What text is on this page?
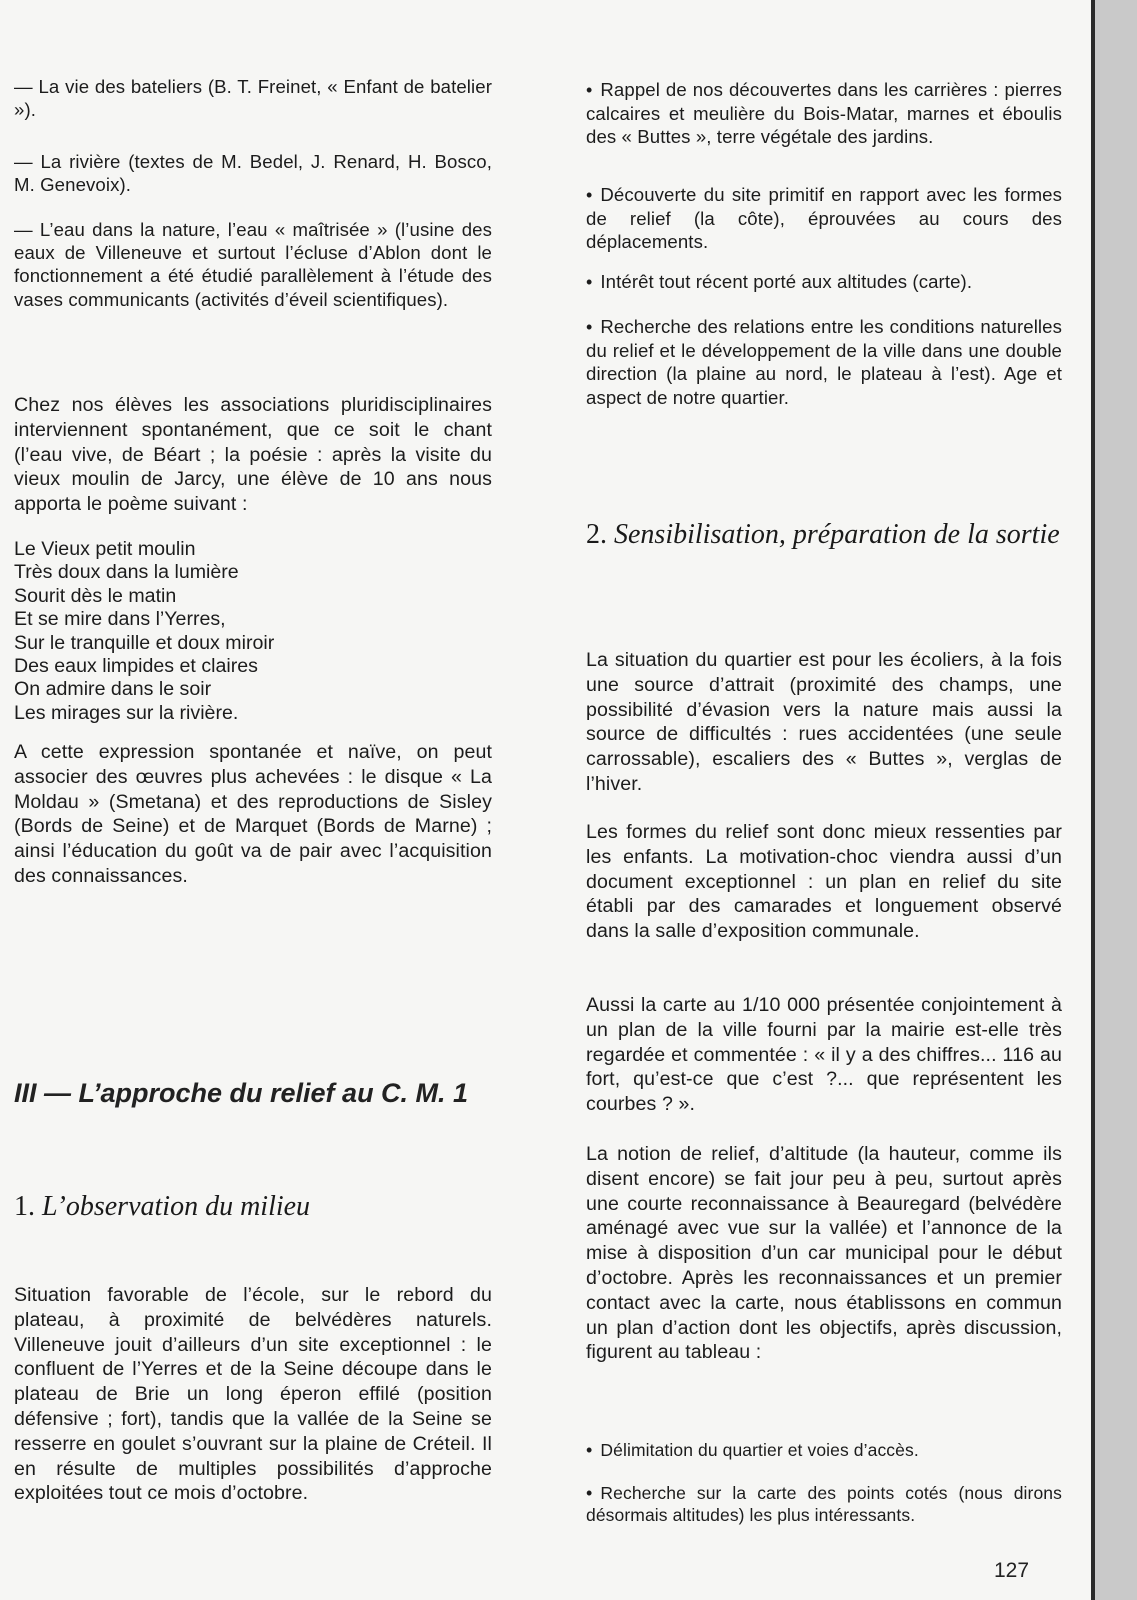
— La vie des bateliers (B. T. Freinet, « Enfant de batelier »).

— La rivière (textes de M. Bedel, J. Renard, H. Bosco, M. Genevoix).

— L’eau dans la nature, l’eau « maîtrisée » (l’usine des eaux de Villeneuve et surtout l’écluse d’Ablon dont le fonctionnement a été étudié parallèlement à l’étude des vases communicants (activités d’éveil scientifiques).

Chez nos élèves les associations pluridisciplinaires interviennent spontanément, que ce soit le chant (l’eau vive, de Béart ; la poésie : après la visite du vieux moulin de Jarcy, une élève de 10 ans nous apporta le poème suivant :

Le Vieux petit moulin
Très doux dans la lumière
Sourit dès le matin
Et se mire dans l’Yerres,
Sur le tranquille et doux miroir
Des eaux limpides et claires
On admire dans le soir
Les mirages sur la rivière.

A cette expression spontanée et naïve, on peut associer des œuvres plus achevées : le disque « La Moldau » (Smetana) et des reproductions de Sisley (Bords de Seine) et de Marquet (Bords de Marne) ; ainsi l’éducation du goût va de pair avec l’acquisition des connaissances.

III — L’approche du relief au C. M. 1
1. L’observation du milieu

Situation favorable de l’école, sur le rebord du plateau, à proximité de belvédères naturels. Villeneuve jouit d’ailleurs d’un site exceptionnel : le confluent de l’Yerres et de la Seine découpe dans le plateau de Brie un long éperon effilé (position défensive ; fort), tandis que la vallée de la Seine se resserre en goulet s’ouvrant sur la plaine de Créteil. Il en résulte de multiples possibilités d’approche exploitées tout ce mois d’octobre.

• Rappel de nos découvertes dans les carrières : pierres calcaires et meulière du Bois-Matar, marnes et éboulis des « Buttes », terre végétale des jardins.

• Découverte du site primitif en rapport avec les formes de relief (la côte), éprouvées au cours des déplacements.

• Intérêt tout récent porté aux altitudes (carte).

• Recherche des relations entre les conditions naturelles du relief et le développement de la ville dans une double direction (la plaine au nord, le plateau à l’est). Age et aspect de notre quartier.

2. Sensibilisation, préparation de la sortie

La situation du quartier est pour les écoliers, à la fois une source d’attrait (proximité des champs, une possibilité d’évasion vers la nature mais aussi la source de difficultés : rues accidentées (une seule carrossable), escaliers des « Buttes », verglas de l’hiver.

Les formes du relief sont donc mieux ressenties par les enfants. La motivation-choc viendra aussi d’un document exceptionnel : un plan en relief du site établi par des camarades et longuement observé dans la salle d’exposition communale.

Aussi la carte au 1/10 000 présentée conjointement à un plan de la ville fourni par la mairie est-elle très regardée et commentée : « il y a des chiffres... 116 au fort, qu’est-ce que c’est ?... que représentent les courbes ? ».

La notion de relief, d’altitude (la hauteur, comme ils disent encore) se fait jour peu à peu, surtout après une courte reconnaissance à Beauregard (belvédère aménagé avec vue sur la vallée) et l’annonce de la mise à disposition d’un car municipal pour le début d’octobre. Après les reconnaissances et un premier contact avec la carte, nous établissons en commun un plan d’action dont les objectifs, après discussion, figurent au tableau :

• Délimitation du quartier et voies d’accès.

• Recherche sur la carte des points cotés (nous dirons désormais altitudes) les plus intéressants.

127
